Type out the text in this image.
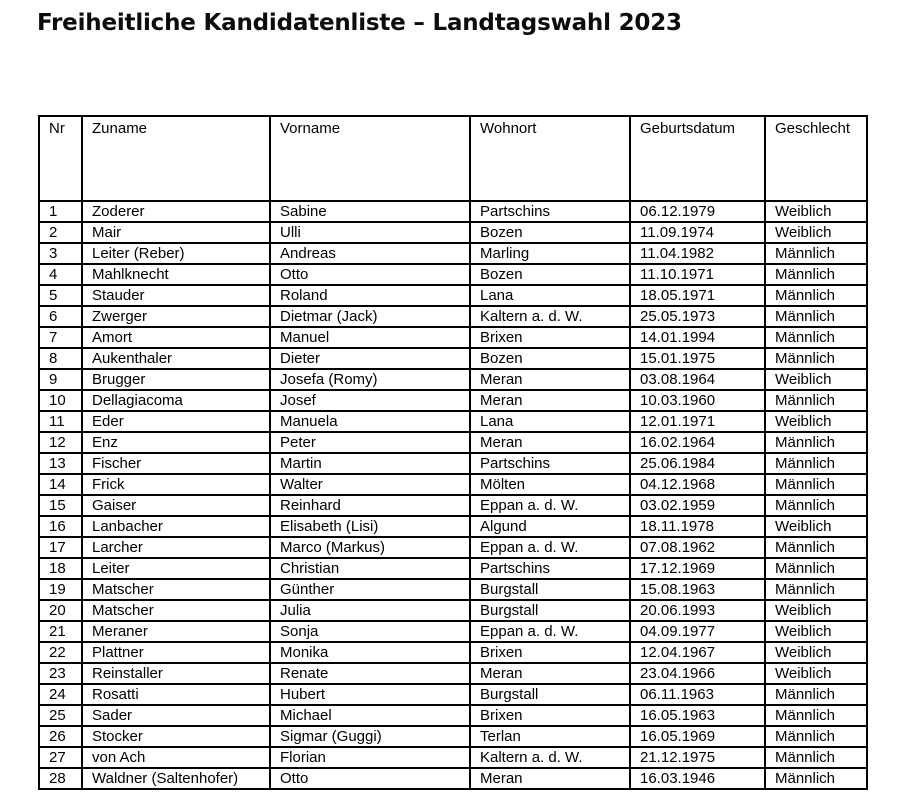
Freiheitliche Kandidatenliste – Landtagswahl 2023
Nr	Zuname	Vorname	Wohnort	Geburtsdatum	Geschlecht
1	Zoderer	Sabine	Partschins	06.12.1979	Weiblich
2	Mair	Ulli	Bozen	11.09.1974	Weiblich
3	Leiter (Reber)	Andreas	Marling	11.04.1982	Männlich
4	Mahlknecht	Otto	Bozen	11.10.1971	Männlich
5	Stauder	Roland	Lana	18.05.1971	Männlich
6	Zwerger	Dietmar (Jack)	Kaltern a. d. W.	25.05.1973	Männlich
7	Amort	Manuel	Brixen	14.01.1994	Männlich
8	Aukenthaler	Dieter	Bozen	15.01.1975	Männlich
9	Brugger	Josefa (Romy)	Meran	03.08.1964	Weiblich
10	Dellagiacoma	Josef	Meran	10.03.1960	Männlich
11	Eder	Manuela	Lana	12.01.1971	Weiblich
12	Enz	Peter	Meran	16.02.1964	Männlich
13	Fischer	Martin	Partschins	25.06.1984	Männlich
14	Frick	Walter	Mölten	04.12.1968	Männlich
15	Gaiser	Reinhard	Eppan a. d. W.	03.02.1959	Männlich
16	Lanbacher	Elisabeth (Lisi)	Algund	18.11.1978	Weiblich
17	Larcher	Marco (Markus)	Eppan a. d. W.	07.08.1962	Männlich
18	Leiter	Christian	Partschins	17.12.1969	Männlich
19	Matscher	Günther	Burgstall	15.08.1963	Männlich
20	Matscher	Julia	Burgstall	20.06.1993	Weiblich
21	Meraner	Sonja	Eppan a. d. W.	04.09.1977	Weiblich
22	Plattner	Monika	Brixen	12.04.1967	Weiblich
23	Reinstaller	Renate	Meran	23.04.1966	Weiblich
24	Rosatti	Hubert	Burgstall	06.11.1963	Männlich
25	Sader	Michael	Brixen	16.05.1963	Männlich
26	Stocker	Sigmar (Guggi)	Terlan	16.05.1969	Männlich
27	von Ach	Florian	Kaltern a. d. W.	21.12.1975	Männlich
28	Waldner (Saltenhofer)	Otto	Meran	16.03.1946	Männlich
